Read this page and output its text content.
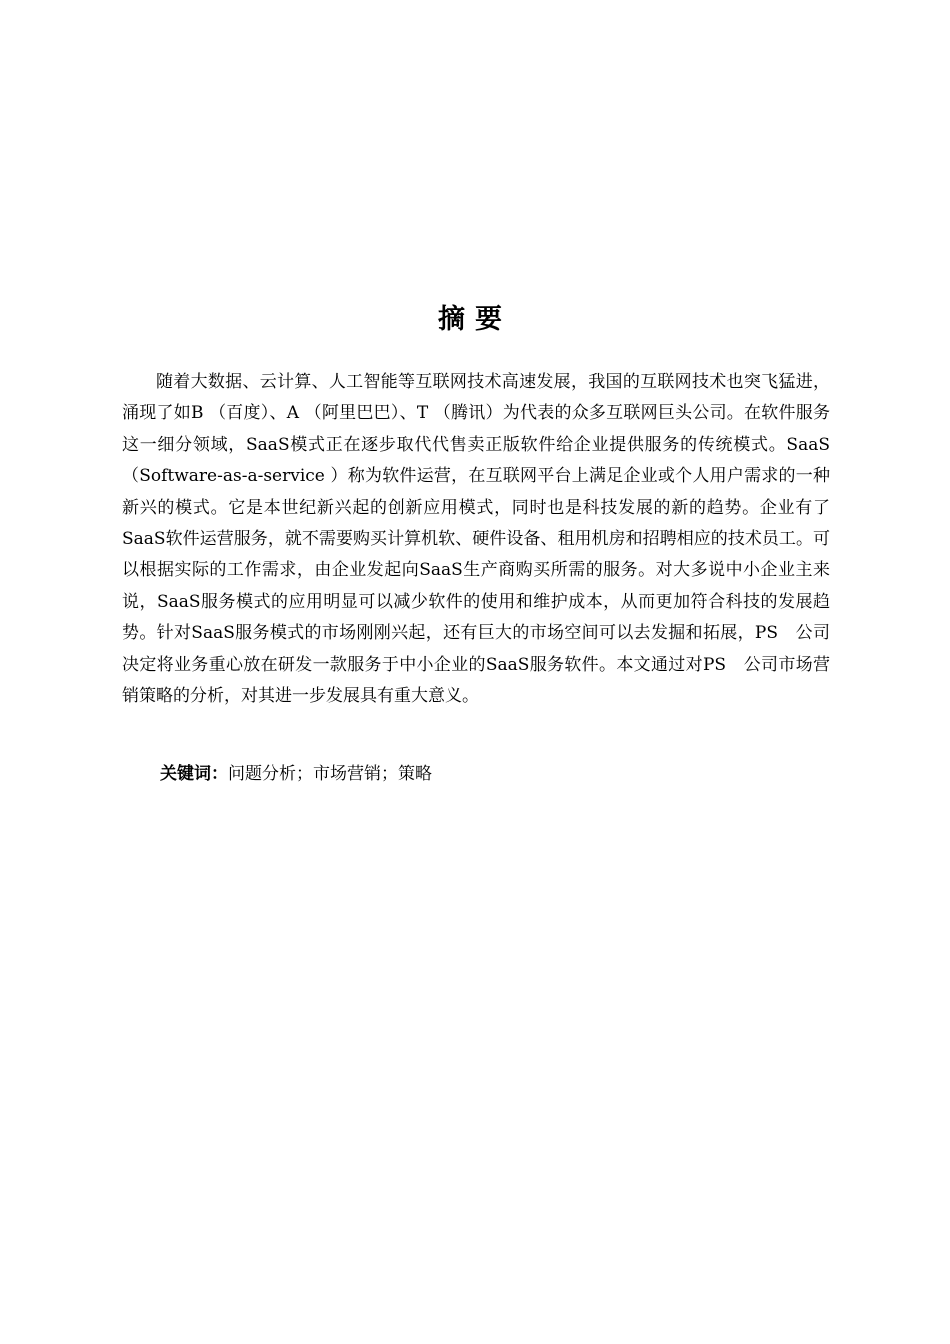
摘要

随着大数据、云计算、人工智能等互联网技术高速发展，我国的互联网技术也突飞猛进，涌现了如B （百度）、A （阿里巴巴）、T （腾讯）为代表的众多互联网巨头公司。在软件服务这一细分领域，SaaS模式正在逐步取代代售卖正版软件给企业提供服务的传统模式。SaaS（Software-as-a-service ）称为软件运营，在互联网平台上满足企业或个人用户需求的一种新兴的模式。它是本世纪新兴起的创新应用模式，同时也是科技发展的新的趋势。企业有了SaaS软件运营服务，就不需要购买计算机软、硬件设备、租用机房和招聘相应的技术员工。可以根据实际的工作需求，由企业发起向SaaS生产商购买所需的服务。对大多说中小企业主来说，SaaS服务模式的应用明显可以减少软件的使用和维护成本，从而更加符合科技的发展趋势。针对SaaS服务模式的市场刚刚兴起，还有巨大的市场空间可以去发掘和拓展，PS　公司决定将业务重心放在研发一款服务于中小企业的SaaS服务软件。本文通过对PS　公司市场营销策略的分析，对其进一步发展具有重大意义。

关键词：问题分析；市场营销；策略
